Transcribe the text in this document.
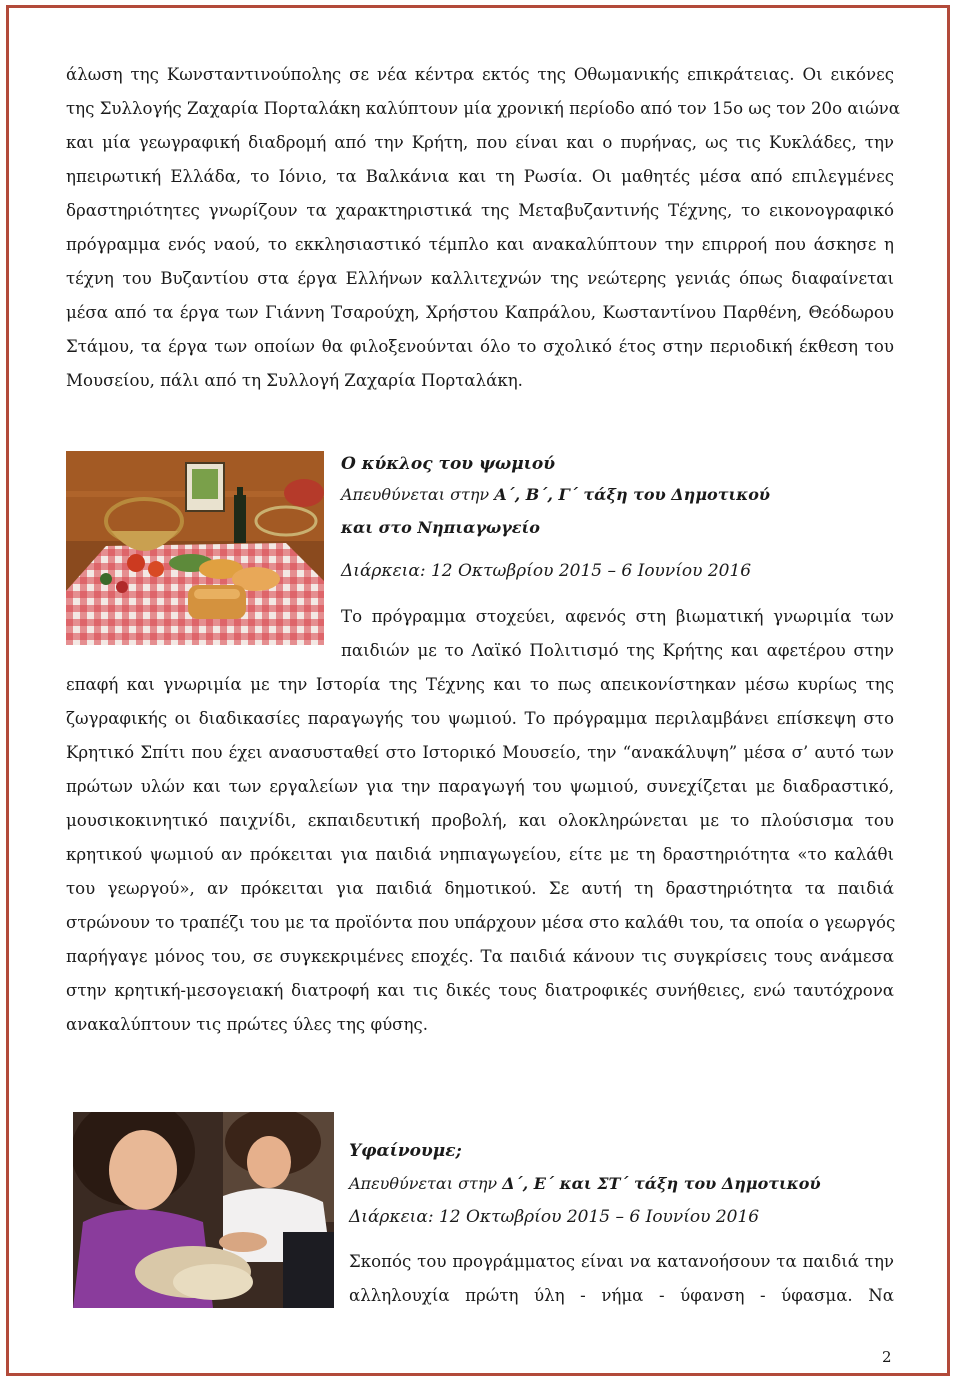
άλωση της Κωνσταντινούπολης σε νέα κέντρα εκτός της Οθωμανικής επικράτειας. Οι εικόνες
της Συλλογής Ζαχαρία Πορταλάκη καλύπτουν μία χρονική περίοδο από τον 15ο ως τον 20ο αιώνα
και μία γεωγραφική διαδρομή από την Κρήτη, που είναι και ο πυρήνας, ως τις Κυκλάδες, την
ηπειρωτική Ελλάδα, το Ιόνιο, τα Βαλκάνια και τη Ρωσία. Οι μαθητές μέσα από επιλεγμένες
δραστηριότητες γνωρίζουν τα χαρακτηριστικά της Μεταβυζαντινής Τέχνης, το εικονογραφικό
πρόγραμμα ενός ναού, το εκκλησιαστικό τέμπλο και ανακαλύπτουν την επιρροή που άσκησε η
τέχνη του Βυζαντίου στα έργα Ελλήνων καλλιτεχνών της νεώτερης γενιάς όπως διαφαίνεται
μέσα από τα έργα των Γιάννη Τσαρούχη, Χρήστου Καπράλου, Κωσταντίνου Παρθένη, Θεόδωρου
Στάμου, τα έργα των οποίων θα φιλοξενούνται όλο το σχολικό έτος στην περιοδική έκθεση του
Μουσείου, πάλι από τη Συλλογή Ζαχαρία Πορταλάκη.
Ο κύκλος του ψωμιού
Απευθύνεται στην Α΄, Β΄, Γ΄ τάξη του Δημοτικού
και στο Νηπιαγωγείο
Διάρκεια: 12 Οκτωβρίου 2015 – 6 Ιουνίου 2016
Το πρόγραμμα στοχεύει, αφενός στη βιωματική γνωριμία των
παιδιών με το Λαϊκό Πολιτισμό της Κρήτης και αφετέρου στην
επαφή και γνωριμία με την Ιστορία της Τέχνης και το πως απεικονίστηκαν μέσω κυρίως της
ζωγραφικής οι διαδικασίες παραγωγής του ψωμιού. Το πρόγραμμα περιλαμβάνει επίσκεψη στο
Κρητικό Σπίτι που έχει ανασυσταθεί στο Ιστορικό Μουσείο, την “ανακάλυψη” μέσα σ’ αυτό των
πρώτων υλών και των εργαλείων για την παραγωγή του ψωμιού, συνεχίζεται με διαδραστικό,
μουσικοκινητικό παιχνίδι, εκπαιδευτική προβολή, και ολοκληρώνεται με το πλούσισμα του
κρητικού ψωμιού αν πρόκειται για παιδιά νηπιαγωγείου, είτε με τη δραστηριότητα «το καλάθι
του γεωργού», αν πρόκειται για παιδιά δημοτικού. Σε αυτή τη δραστηριότητα τα παιδιά
στρώνουν το τραπέζι του με τα προϊόντα που υπάρχουν μέσα στο καλάθι του, τα οποία ο γεωργός
παρήγαγε μόνος του, σε συγκεκριμένες εποχές. Τα παιδιά κάνουν τις συγκρίσεις τους ανάμεσα
στην κρητική-μεσογειακή διατροφή και τις δικές τους διατροφικές συνήθειες, ενώ ταυτόχρονα
ανακαλύπτουν τις πρώτες ύλες της φύσης.
Υφαίνουμε;
Απευθύνεται στην Δ΄, Ε΄ και ΣΤ΄ τάξη του Δημοτικού
Διάρκεια: 12 Οκτωβρίου 2015 – 6 Ιουνίου 2016
Σκοπός του προγράμματος είναι να κατανοήσουν τα παιδιά την
αλληλουχία πρώτη ύλη - νήμα - ύφανση - ύφασμα. Να
2
